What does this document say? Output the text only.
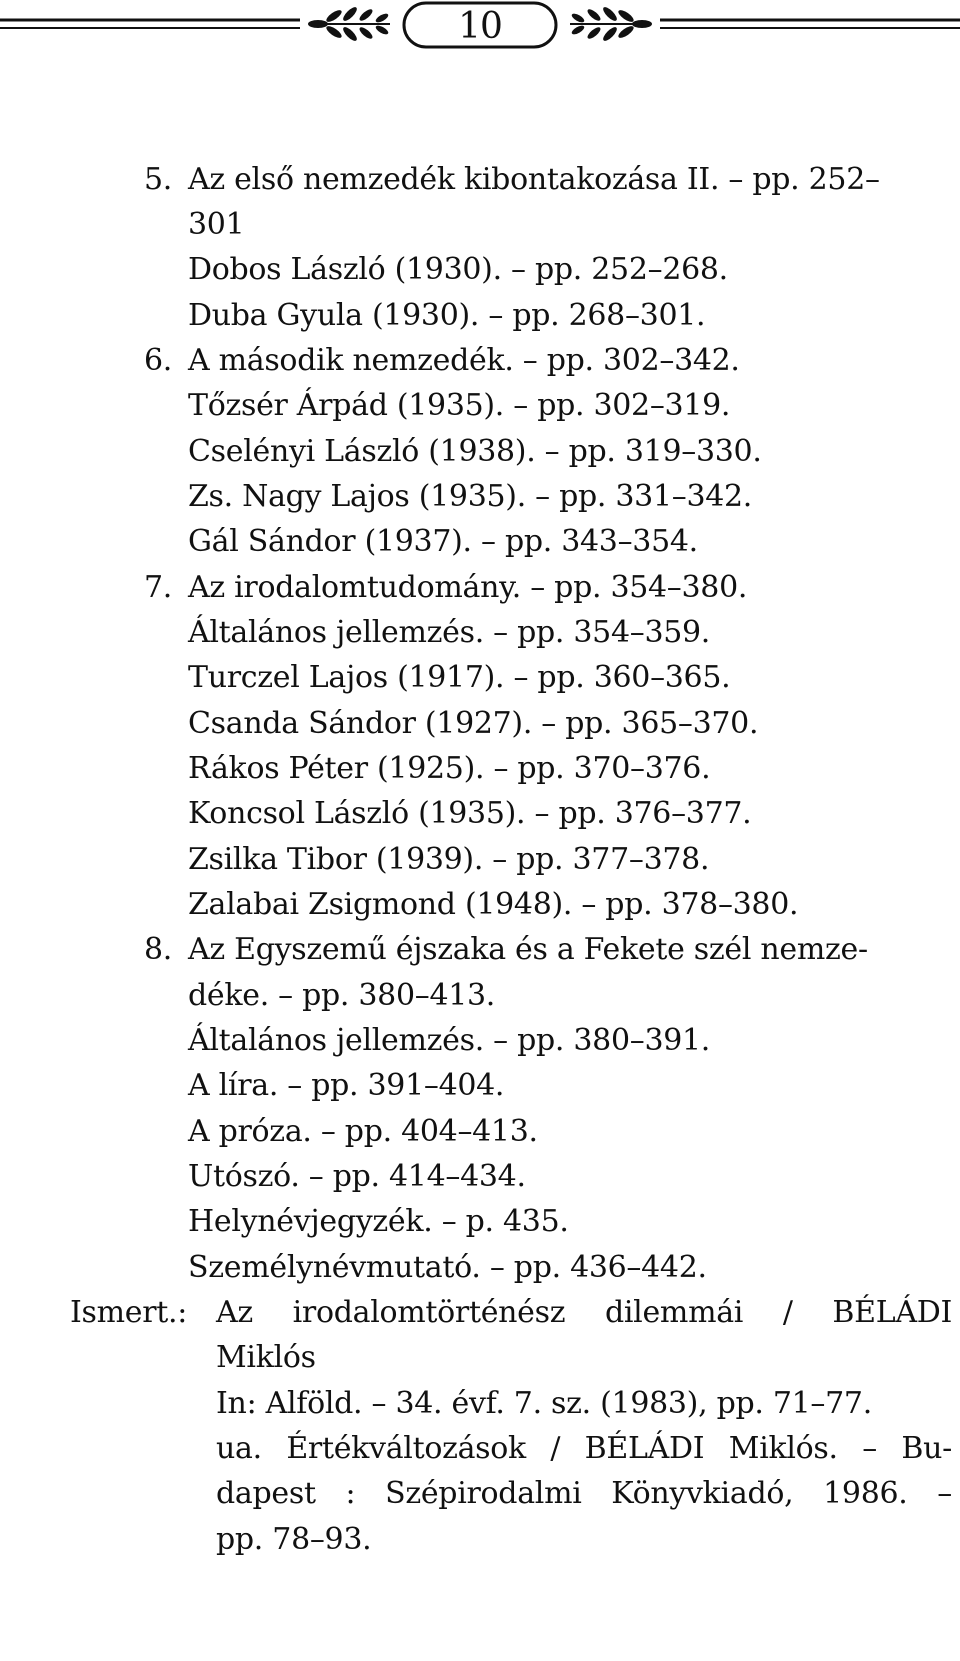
10
5. Az első nemzedék kibontakozása II. – pp. 252–
301
Dobos László (1930). – pp. 252–268.
Duba Gyula (1930). – pp. 268–301.
6. A második nemzedék. – pp. 302–342.
Tőzsér Árpád (1935). – pp. 302–319.
Cselényi László (1938). – pp. 319–330.
Zs. Nagy Lajos (1935). – pp. 331–342.
Gál Sándor (1937). – pp. 343–354.
7. Az irodalomtudomány. – pp. 354–380.
Általános jellemzés. – pp. 354–359.
Turczel Lajos (1917). – pp. 360–365.
Csanda Sándor (1927). – pp. 365–370.
Rákos Péter (1925). – pp. 370–376.
Koncsol László (1935). – pp. 376–377.
Zsilka Tibor (1939). – pp. 377–378.
Zalabai Zsigmond (1948). – pp. 378–380.
8. Az Egyszemű éjszaka és a Fekete szél nemze-
déke. – pp. 380–413.
Általános jellemzés. – pp. 380–391.
A líra. – pp. 391–404.
A próza. – pp. 404–413.
Utószó. – pp. 414–434.
Helynévjegyzék. – p. 435.
Személynévmutató. – pp. 436–442.
Ismert.: Az irodalomtörténész dilemmái / BÉLÁDI
Miklós
In: Alföld. – 34. évf. 7. sz. (1983), pp. 71–77.
ua. Értékváltozások / BÉLÁDI Miklós. – Bu-
dapest : Szépirodalmi Könyvkiadó, 1986. –
pp. 78–93.
